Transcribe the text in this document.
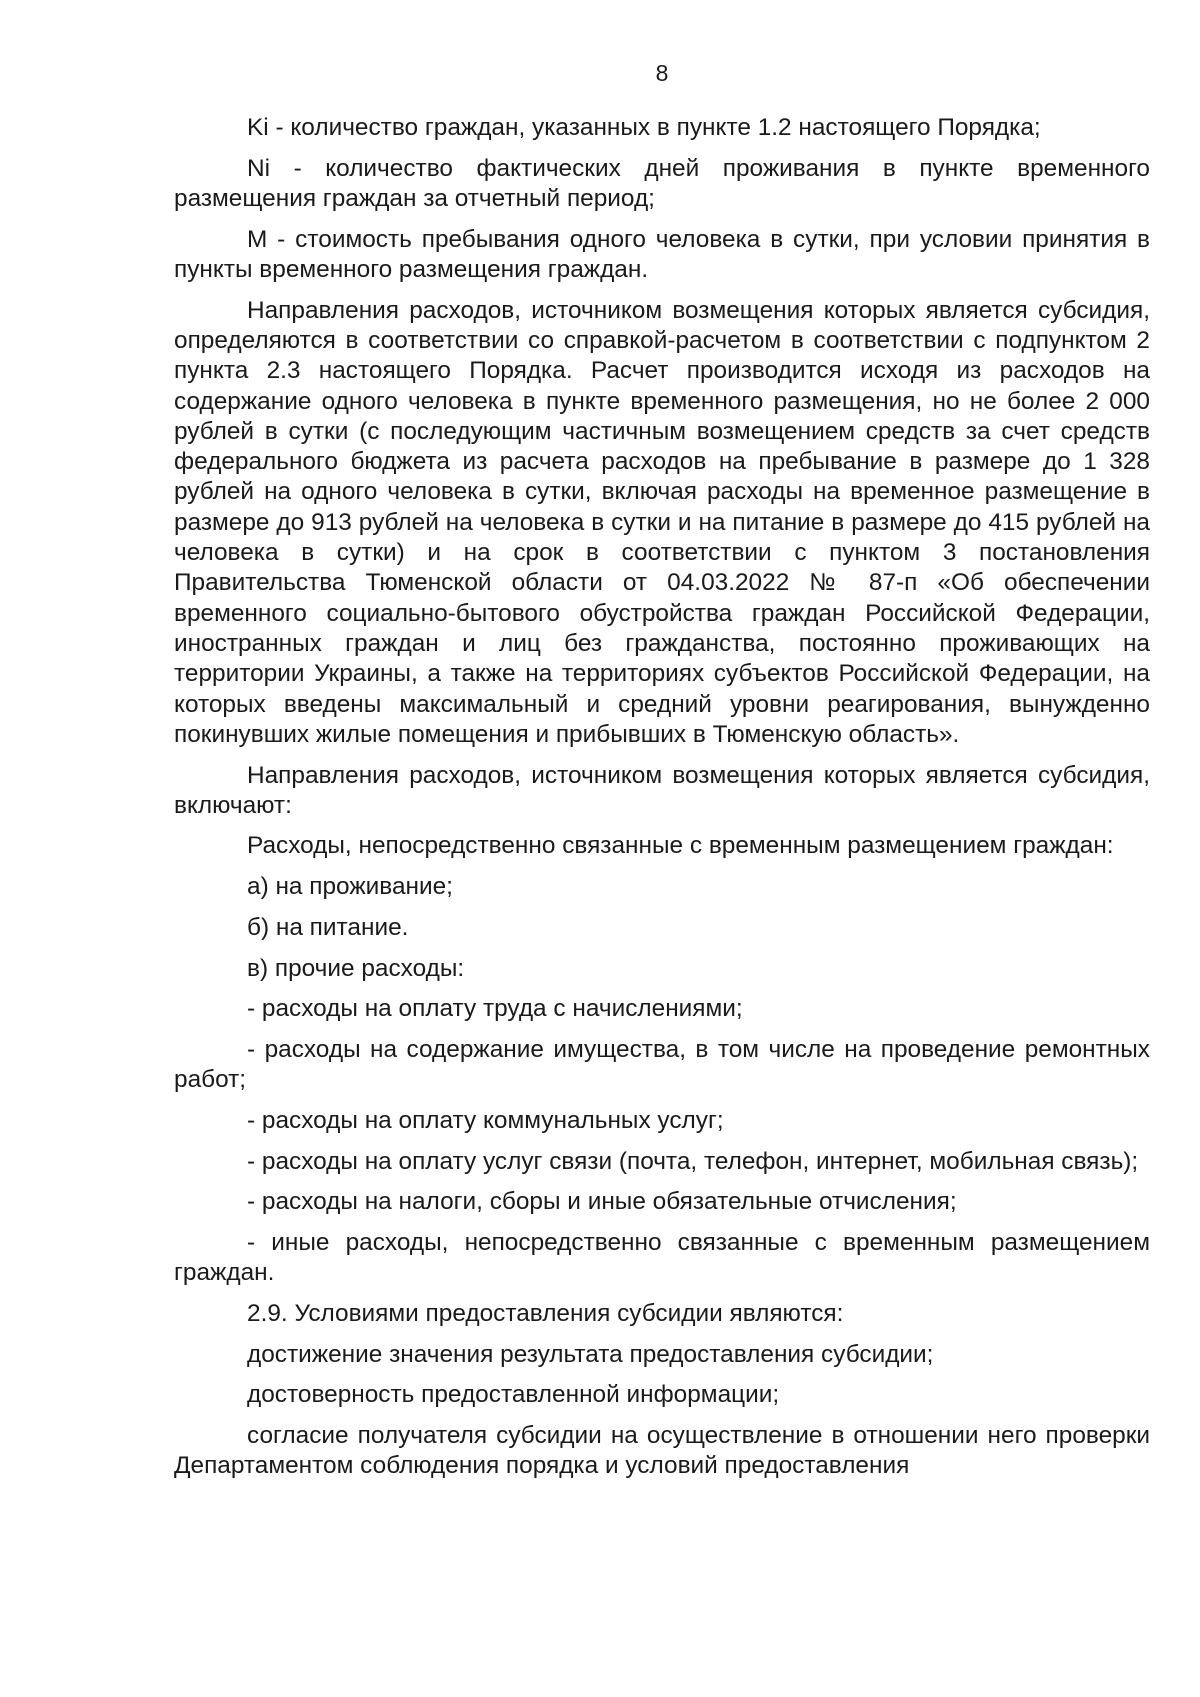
8

Ki - количество граждан, указанных в пункте 1.2 настоящего Порядка;

Ni - количество фактических дней проживания в пункте временного размещения граждан за отчетный период;

M - стоимость пребывания одного человека в сутки, при условии принятия в пункты временного размещения граждан.

Направления расходов, источником возмещения которых является субсидия, определяются в соответствии со справкой-расчетом в соответствии с подпунктом 2 пункта 2.3 настоящего Порядка. Расчет производится исходя из расходов на содержание одного человека в пункте временного размещения, но не более 2 000 рублей в сутки (с последующим частичным возмещением средств за счет средств федерального бюджета из расчета расходов на пребывание в размере до 1 328 рублей на одного человека в сутки, включая расходы на временное размещение в размере до 913 рублей на человека в сутки и на питание в размере до 415 рублей на человека в сутки) и на срок в соответствии с пунктом 3 постановления Правительства Тюменской области от 04.03.2022 № 87-п «Об обеспечении временного социально-бытового обустройства граждан Российской Федерации, иностранных граждан и лиц без гражданства, постоянно проживающих на территории Украины, а также на территориях субъектов Российской Федерации, на которых введены максимальный и средний уровни реагирования, вынужденно покинувших жилые помещения и прибывших в Тюменскую область».

Направления расходов, источником возмещения которых является субсидия, включают:

Расходы, непосредственно связанные с временным размещением граждан:

а) на проживание;

б) на питание.

в) прочие расходы:

- расходы на оплату труда с начислениями;

- расходы на содержание имущества, в том числе на проведение ремонтных работ;

- расходы на оплату коммунальных услуг;

- расходы на оплату услуг связи (почта, телефон, интернет, мобильная связь);

- расходы на налоги, сборы и иные обязательные отчисления;

- иные расходы, непосредственно связанные с временным размещением граждан.

2.9. Условиями предоставления субсидии являются:

достижение значения результата предоставления субсидии;

достоверность предоставленной информации;

согласие получателя субсидии на осуществление в отношении него проверки Департаментом соблюдения порядка и условий предоставления
